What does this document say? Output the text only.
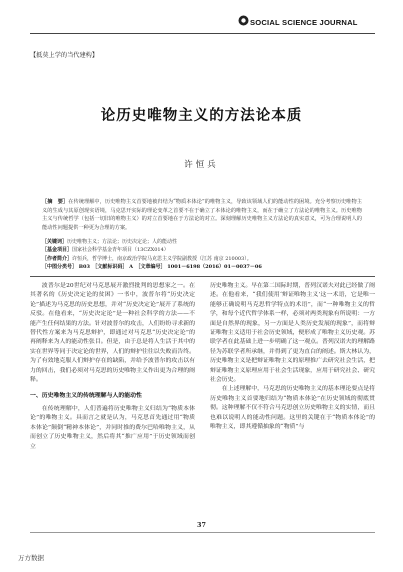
SOCIAL SCIENCE JOURNAL
【抵莫上学的当代建构】
论历史唯物主义的方法论本质
许恒兵
［摘　要］在传统理解中，历史唯物主义首要地被归结为“物质本体论”的唯物主义，导致该领域人们的能动性的困境。充分考察历史唯物主义的生成与其原创现实语境，马克思开实际的理论变革之首要不在于确立了本体论的唯物主义，而在于确立了方法论的唯物主义。历史唯物主义与传统哲学（包括一切旧的唯物主义）的对立首要地在于方法论的对立。深刻理解历史唯物主义方法论的真实意义，可为合理说明人的能动性问题提供一种更为合理的方案。
［关键词］历史唯物主义；方法论；历史决定论；人的能动性
［基金项目］国家社会科学基金青年项目（13CZX014）
［作者简介］许恒兵，哲学博士，南京政治学院马克思主义学院副教授（江苏 南京 210003）。
［中图分类号］ B03　［文献标识码］ A　［文章编号］ 1001－6198（2016）01－0037－06

波普尔是20世纪对马克思展开激烈批判的思想家之一。在其著名的《历史决定论的贫困》一书中，波普尔将“历史决定论”描述为马克思的历史思想，并对“历史决定论”展开了系统的反驳。在他看来，“历史决定论”是一种社会科学的方法——不能产生任何结果的方法。针对波普尔的攻击，人们纷纷寻求新的替代性方案来为马克思辩护，即通过对马克思“历史决定论”的再阐释来为人的能动性张目。但是，由于总是将人生活于其中的实在世界等同于决定论的世界，人们的辩护往往以失败而告终。为了有效地克服人们辩护存在的缺陷，并给予波普尔的攻击以有力的回击，我们必须对马克思的历史唯物主义作出更为合理的阐释。

一、历史唯物主义的传统理解与人的能动性

在传统理解中，人们普遍将历史唯物主义归结为“物质本体论”的唯物主义。具而言之就是认为，马克思首先通过用“物质本体论”颠倒“精神本体论”，并同时推的费尔巴哈唯物主义，从而创立了历史唯物主义，然后将其“推广应用”于历史领域而创立

历史唯物主义。早在第二国际时期，普列汉诺夫对此已经做了阐述。在他看来，“我们使用‘辩证唯物主义’这一术语，它是唯一能够正确说明马克思哲学特点的术语”，而“一种唯物主义的哲学，和每个近代哲学体系一样，必须对两类现象有所说明：一方面是自然界的现象，另一方面是人类历史发展的现象”，而将辩证唯物主义适用于社会历史领域，便形成了唯物主义历史观。苏联学者在此基础上进一步明确了这一观点。普列汉诺夫的理解路径为苏联学者所承继，并得到了更为直白的阐述。斯大林认为，历史唯物主义是把辩证唯物主义的原理推广去研究社会生活，把辩证唯物主义原理应用于社会生活现象，应用于研究社会、研究社会历史。

在上述理解中，马克思的历史唯物主义的基本理论要点是将历史唯物主义首要地归结为“物质本体论”在历史领域的彻底贯彻。这种理解不仅不符合马克思创立历史唯物主义的实情，而且也难以说明人的能动性问题。这里的关键在于“物质本体论”的唯物主义，即其遵循抽象的“物质”与

37
万方数据
